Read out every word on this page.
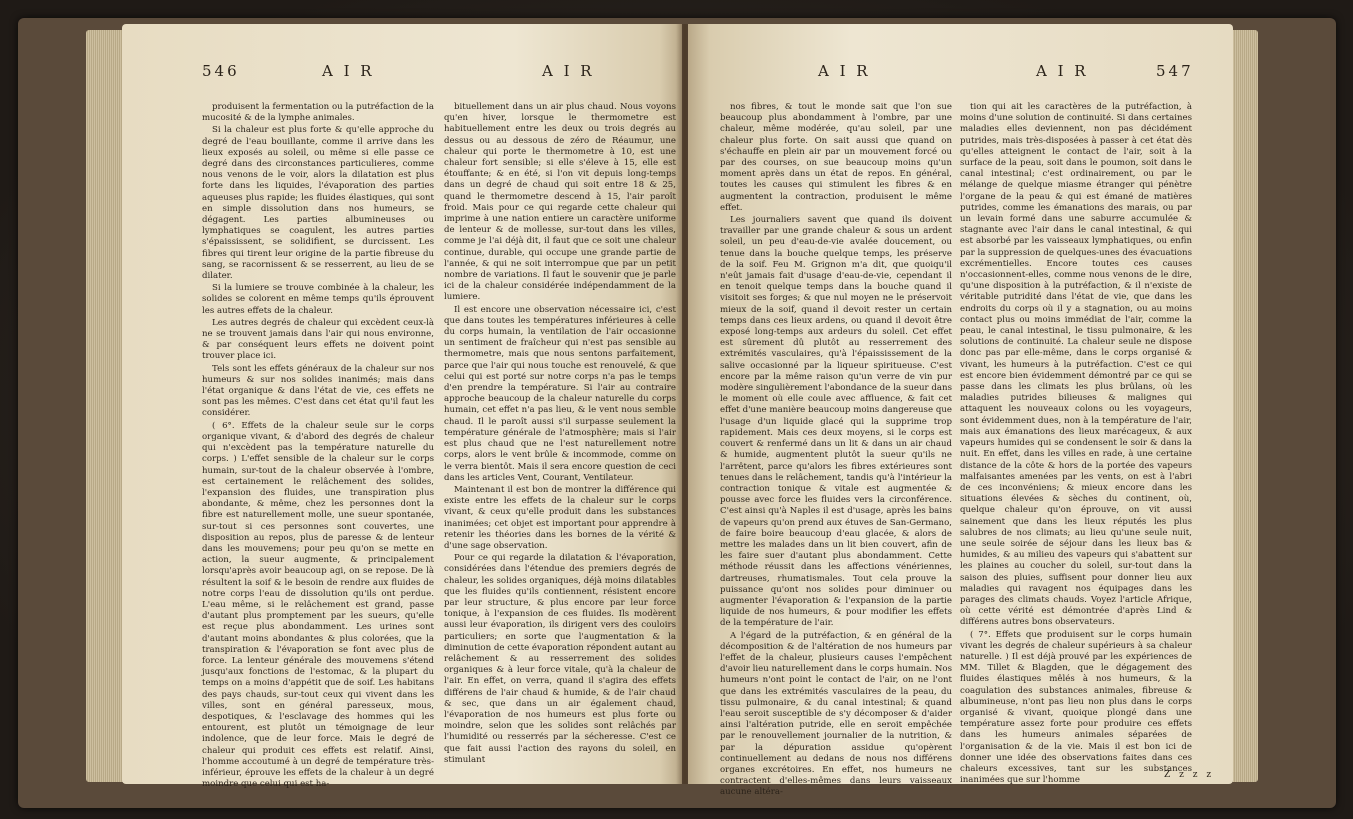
546	A I R	A I R

produisent la fermentation ou la putréfaction de la mucosité & de la lymphe animales.

Si la chaleur est plus forte & qu'elle approche du degré de l'eau bouillante, comme il arrive dans les lieux exposés au soleil, ou même si elle passe ce degré dans des circonstances particulieres, comme nous venons de le voir, alors la dilatation est plus forte dans les liquides, l'évaporation des parties aqueuses plus rapide; les fluides élastiques, qui sont en simple dissolution dans nos humeurs, se dégagent. Les parties albumineuses ou lymphatiques se coagulent, les autres parties s'épaississent, se solidifient, se durcissent. Les fibres qui tirent leur origine de la partie fibreuse du sang, se racornissent & se resserrent, au lieu de se dilater.

Si la lumiere se trouve combinée à la chaleur, les solides se colorent en même temps qu'ils éprouvent les autres effets de la chaleur.

Les autres degrés de chaleur qui excèdent ceux-là ne se trouvent jamais dans l'air qui nous environne, & par conséquent leurs effets ne doivent point trouver place ici.

Tels sont les effets généraux de la chaleur sur nos humeurs & sur nos solides inanimés; mais dans l'état organique & dans l'état de vie, ces effets ne sont pas les mêmes. C'est dans cet état qu'il faut les considérer.

( 6°. Effets de la chaleur seule sur le corps organique vivant, & d'abord des degrés de chaleur qui n'excèdent pas la température naturelle du corps. ) L'effet sensible de la chaleur sur le corps humain, sur-tout de la chaleur observée à l'ombre, est certainement le relâchement des solides, l'expansion des fluides, une transpiration plus abondante, & même, chez les personnes dont la fibre est naturellement molle, une sueur spontanée, sur-tout si ces personnes sont couvertes, une disposition au repos, plus de paresse & de lenteur dans les mouvemens; pour peu qu'on se mette en action, la sueur augmente, & principalement lorsqu'après avoir beaucoup agi, on se repose. De là résultent la soif & le besoin de rendre aux fluides de notre corps l'eau de dissolution qu'ils ont perdue. L'eau même, si le relâchement est grand, passe d'autant plus promptement par les sueurs, qu'elle est reçue plus abondamment. Les urines sont d'autant moins abondantes & plus colorées, que la transpiration & l'évaporation se font avec plus de force. La lenteur générale des mouvemens s'étend jusqu'aux fonctions de l'estomac, & la plupart du temps on a moins d'appétit que de soif. Les habitans des pays chauds, sur-tout ceux qui vivent dans les villes, sont en général paresseux, mous, despotiques, & l'esclavage des hommes qui les entourent, est plutôt un témoignage de leur indolence, que de leur force. Mais le degré de chaleur qui produit ces effets est relatif. Ainsi, l'homme accoutumé à un degré de température très-inférieur, éprouve les effets de la chaleur à un degré moindre que celui qui est ha-

bituellement dans un air plus chaud. Nous voyons qu'en hiver, lorsque le thermometre est habituellement entre les deux ou trois degrés au dessus ou au dessous de zéro de Réaumur, une chaleur qui porte le thermometre à 10, est une chaleur fort sensible; si elle s'éleve à 15, elle est étouffante; & en été, si l'on vit depuis long-temps dans un degré de chaud qui soit entre 18 & 25, quand le thermometre descend à 15, l'air paroît froid. Mais pour ce qui regarde cette chaleur qui imprime à une nation entiere un caractère uniforme de lenteur & de mollesse, sur-tout dans les villes, comme je l'ai déjà dit, il faut que ce soit une chaleur continue, durable, qui occupe une grande partie de l'année, & qui ne soit interrompue que par un petit nombre de variations. Il faut le souvenir que je parle ici de la chaleur considérée indépendamment de la lumiere.

Il est encore une observation nécessaire ici, c'est que dans toutes les températures inférieures à celle du corps humain, la ventilation de l'air occasionne un sentiment de fraîcheur qui n'est pas sensible au thermometre, mais que nous sentons parfaitement, parce que l'air qui nous touche est renouvelé, & que celui qui est porté sur notre corps n'a pas le temps d'en prendre la température. Si l'air au contraire approche beaucoup de la chaleur naturelle du corps humain, cet effet n'a pas lieu, & le vent nous semble chaud. Il le paroît aussi s'il surpasse seulement la température générale de l'atmosphère; mais si l'air est plus chaud que ne l'est naturellement notre corps, alors le vent brûle & incommode, comme on le verra bientôt. Mais il sera encore question de ceci dans les articles Vent, Courant, Ventilateur.

Maintenant il est bon de montrer la différence qui existe entre les effets de la chaleur sur le corps vivant, & ceux qu'elle produit dans les substances inanimées; cet objet est important pour apprendre à retenir les théories dans les bornes de la vérité & d'une sage observation.

Pour ce qui regarde la dilatation & l'évaporation, considérées dans l'étendue des premiers degrés de chaleur, les solides organiques, déjà moins dilatables que les fluides qu'ils contiennent, résistent encore par leur structure, & plus encore par leur force tonique, à l'expansion de ces fluides. Ils modèrent aussi leur évaporation, ils dirigent vers des couloirs particuliers; en sorte que l'augmentation & la diminution de cette évaporation répondent autant au relâchement & au resserrement des solides organiques & à leur force vitale, qu'à la chaleur de l'air. En effet, on verra, quand il s'agira des effets différens de l'air chaud & humide, & de l'air chaud & sec, que dans un air également chaud, l'évaporation de nos humeurs est plus forte ou moindre, selon que les solides sont relâchés par l'humidité ou resserrés par la sécheresse. C'est ce que fait aussi l'action des rayons du soleil, en stimulant

A I R	A I R	547

nos fibres, & tout le monde sait que l'on sue beaucoup plus abondamment à l'ombre, par une chaleur, même modérée, qu'au soleil, par une chaleur plus forte. On sait aussi que quand on s'échauffe en plein air par un mouvement forcé ou par des courses, on sue beaucoup moins qu'un moment après dans un état de repos. En général, toutes les causes qui stimulent les fibres & en augmentent la contraction, produisent le même effet.

Les journaliers savent que quand ils doivent travailler par une grande chaleur & sous un ardent soleil, un peu d'eau-de-vie avalée doucement, ou tenue dans la bouche quelque temps, les préserve de la soif. Feu M. Grignon m'a dit, que quoiqu'il n'eût jamais fait d'usage d'eau-de-vie, cependant il en tenoit quelque temps dans la bouche quand il visitoit ses forges; & que nul moyen ne le préservoit mieux de la soif, quand il devoit rester un certain temps dans ces lieux ardens, ou quand il devoit être exposé long-temps aux ardeurs du soleil. Cet effet est sûrement dû plutôt au resserrement des extrémités vasculaires, qu'à l'épaississement de la salive occasionné par la liqueur spiritueuse. C'est encore par la même raison qu'un verre de vin pur modère singulièrement l'abondance de la sueur dans le moment où elle coule avec affluence, & fait cet effet d'une manière beaucoup moins dangereuse que l'usage d'un liquide glacé qui la supprime trop rapidement. Mais ces deux moyens, si le corps est couvert & renfermé dans un lit & dans un air chaud & humide, augmentent plutôt la sueur qu'ils ne l'arrêtent, parce qu'alors les fibres extérieures sont tenues dans le relâchement, tandis qu'à l'intérieur la contraction tonique & vitale est augmentée & pousse avec force les fluides vers la circonférence. C'est ainsi qu'à Naples il est d'usage, après les bains de vapeurs qu'on prend aux étuves de San-Germano, de faire boire beaucoup d'eau glacée, & alors de mettre les malades dans un lit bien couvert, afin de les faire suer d'autant plus abondamment. Cette méthode réussit dans les affections vénériennes, dartreuses, rhumatismales. Tout cela prouve la puissance qu'ont nos solides pour diminuer ou augmenter l'évaporation & l'expansion de la partie liquide de nos humeurs, & pour modifier les effets de la température de l'air.

A l'égard de la putréfaction, & en général de la décomposition & de l'altération de nos humeurs par l'effet de la chaleur, plusieurs causes l'empêchent d'avoir lieu naturellement dans le corps humain. Nos humeurs n'ont point le contact de l'air, on ne l'ont que dans les extrémités vasculaires de la peau, du tissu pulmonaire, & du canal intestinal; & quand l'eau seroit susceptible de s'y décomposer & d'aider ainsi l'altération putride, elle en seroit empêchée par le renouvellement journalier de la nutrition, & par la dépuration assidue qu'opèrent continuellement au dedans de nous nos différens organes excrétoires. En effet, nos humeurs ne contractent d'elles-mêmes dans leurs vaisseaux aucune altéra-

tion qui ait les caractères de la putréfaction, à moins d'une solution de continuité. Si dans certaines maladies elles deviennent, non pas décidément putrides, mais très-disposées à passer à cet état dès qu'elles atteignent le contact de l'air, soit à la surface de la peau, soit dans le poumon, soit dans le canal intestinal; c'est ordinairement, ou par le mélange de quelque miasme étranger qui pénètre l'organe de la peau & qui est émané de matières putrides, comme les émanations des marais, ou par un levain formé dans une saburre accumulée & stagnante avec l'air dans le canal intestinal, & qui est absorbé par les vaisseaux lymphatiques, ou enfin par la suppression de quelques-unes des évacuations excrémentielles. Encore toutes ces causes n'occasionnent-elles, comme nous venons de le dire, qu'une disposition à la putréfaction, & il n'existe de véritable putridité dans l'état de vie, que dans les endroits du corps où il y a stagnation, ou au moins contact plus ou moins immédiat de l'air, comme la peau, le canal intestinal, le tissu pulmonaire, & les solutions de continuité. La chaleur seule ne dispose donc pas par elle-même, dans le corps organisé & vivant, les humeurs à la putréfaction. C'est ce qui est encore bien évidemment démontré par ce qui se passe dans les climats les plus brûlans, où les maladies putrides bilieuses & malignes qui attaquent les nouveaux colons ou les voyageurs, sont évidemment dues, non à la température de l'air, mais aux émanations des lieux marécageux, & aux vapeurs humides qui se condensent le soir & dans la nuit. En effet, dans les villes en rade, à une certaine distance de la côte & hors de la portée des vapeurs malfaisantes amenées par les vents, on est à l'abri de ces inconvéniens; & mieux encore dans les situations élevées & sèches du continent, où, quelque chaleur qu'on éprouve, on vit aussi sainement que dans les lieux réputés les plus salubres de nos climats; au lieu qu'une seule nuit, une seule soirée de séjour dans les lieux bas & humides, & au milieu des vapeurs qui s'abattent sur les plaines au coucher du soleil, sur-tout dans la saison des pluies, suffisent pour donner lieu aux maladies qui ravagent nos équipages dans les parages des climats chauds. Voyez l'article Afrique, où cette vérité est démontrée d'après Lind & différens autres bons observateurs.

( 7°. Effets que produisent sur le corps humain vivant les degrés de chaleur supérieurs à sa chaleur naturelle. ) Il est déjà prouvé par les expériences de MM. Tillet & Blagden, que le dégagement des fluides élastiques mêlés à nos humeurs, & la coagulation des substances animales, fibreuse & albumineuse, n'ont pas lieu non plus dans le corps organisé & vivant, quoique plongé dans une température assez forte pour produire ces effets dans les humeurs animales séparées de l'organisation & de la vie. Mais il est bon ici de donner une idée des observations faites dans ces chaleurs excessives, tant sur les substances inanimées que sur l'homme

Z z z z
